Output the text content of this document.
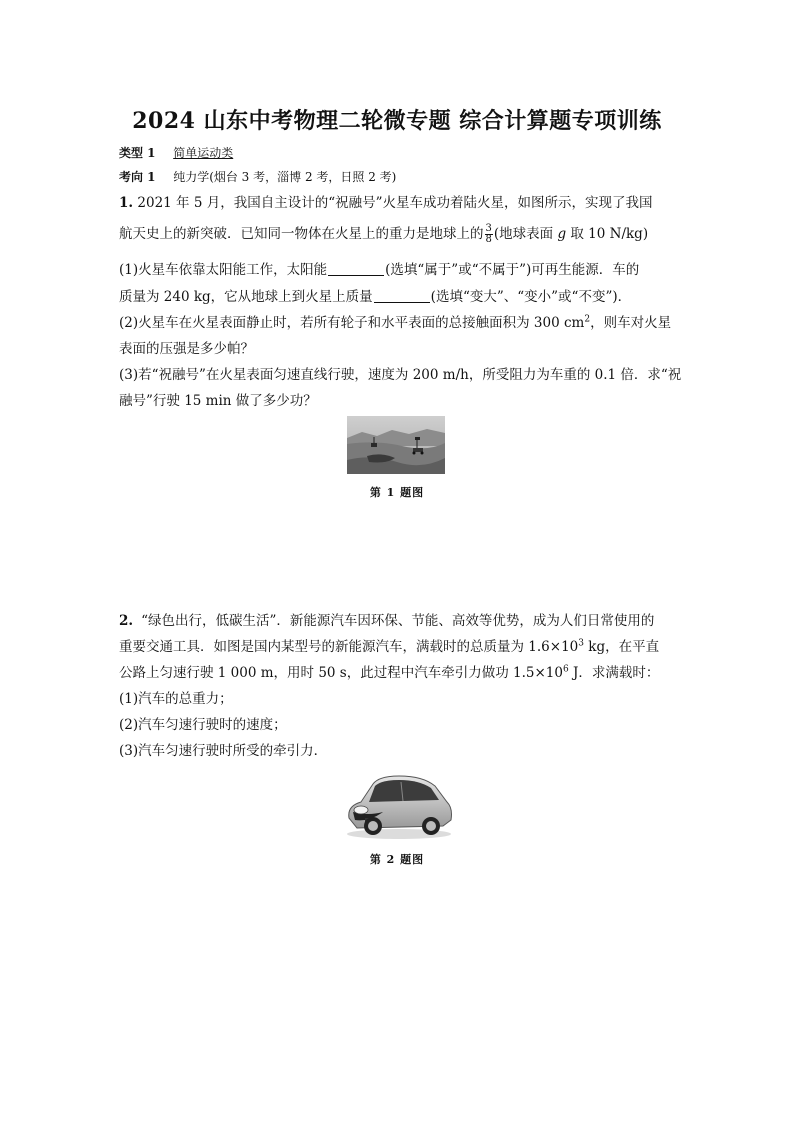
2024 山东中考物理二轮微专题 综合计算题专项训练
类型 1 简单运动类
考向 1 纯力学(烟台 3 考，淄博 2 考，日照 2 考)
1. 2021 年 5 月，我国自主设计的“祝融号”火星车成功着陆火星，如图所示，实现了我国
航天史上的新突破．已知同一物体在火星上的重力是地球上的 $\frac{3}{8}$ (地球表面 g 取 10 N/kg)
(1)火星车依靠太阳能工作，太阳能	(选填“属于”或“不属于”)可再生能源．车的
质量为 240 kg，它从地球上到火星上质量	(选填“变大”、“变小”或“不变”)．
(2)火星车在火星表面静止时，若所有轮子和水平表面的总接触面积为 300 $cm^2$，则车对火星
表面的压强是多少帕？
(3)若“祝融号”在火星表面匀速直线行驶，速度为 200 m/h，所受阻力为车重的 0.1 倍．求“祝
融号”行驶 15 min 做了多少功？
第 1 题图
2. “绿色出行，低碳生活”．新能源汽车因环保、节能、高效等优势，成为人们日常使用的
重要交通工具．如图是国内某型号的新能源汽车，满载时的总质量为 $1.6\times 10^3$ kg，在平直
公路上匀速行驶 1 000 m，用时 50 s，此过程中汽车牵引力做功 $1.5\times 10^6$ J．求满载时：
(1)汽车的总重力；
(2)汽车匀速行驶时的速度；
(3)汽车匀速行驶时所受的牵引力．
第 2 题图
